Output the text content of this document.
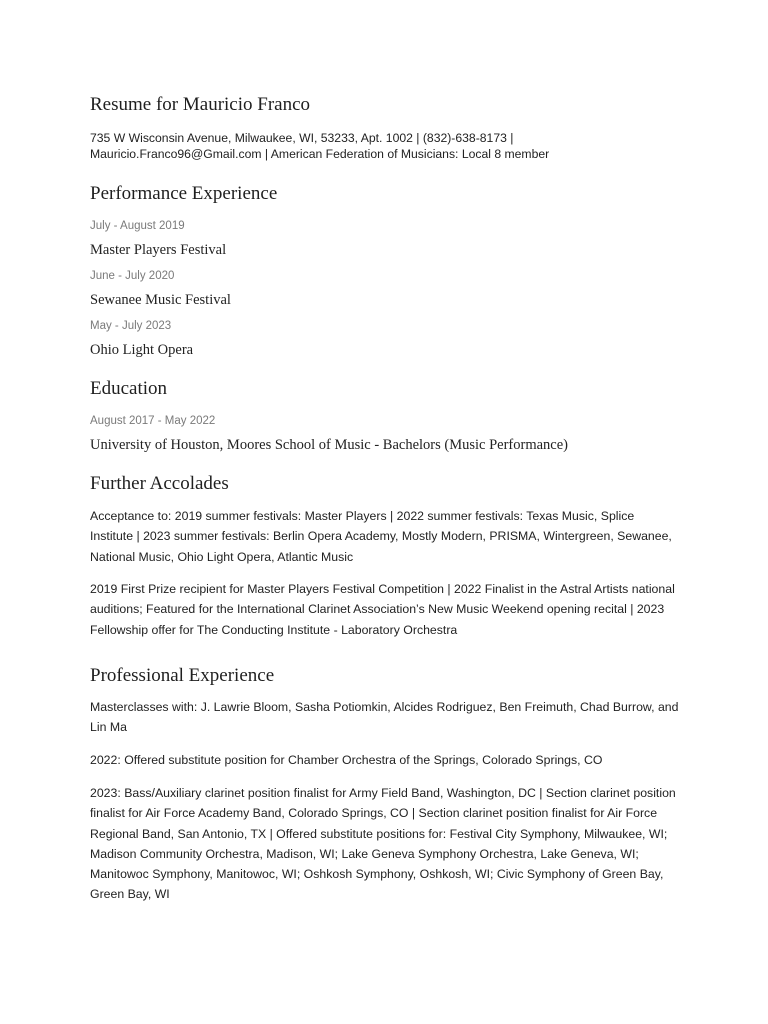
Resume for Mauricio Franco

735 W Wisconsin Avenue, Milwaukee, WI, 53233, Apt. 1002 | (832)-638-8173 |
Mauricio.Franco96@Gmail.com | American Federation of Musicians: Local 8 member

Performance Experience

July - August 2019

Master Players Festival

June - July 2020

Sewanee Music Festival

May - July 2023

Ohio Light Opera

Education

August 2017 - May 2022

University of Houston, Moores School of Music - Bachelors (Music Performance)

Further Accolades

Acceptance to: 2019 summer festivals: Master Players | 2022 summer festivals: Texas Music, Splice Institute | 2023 summer festivals: Berlin Opera Academy, Mostly Modern, PRISMA, Wintergreen, Sewanee, National Music, Ohio Light Opera, Atlantic Music

2019 First Prize recipient for Master Players Festival Competition | 2022 Finalist in the Astral Artists national auditions; Featured for the International Clarinet Association’s New Music Weekend opening recital | 2023 Fellowship offer for The Conducting Institute - Laboratory Orchestra

Professional Experience

Masterclasses with: J. Lawrie Bloom, Sasha Potiomkin, Alcides Rodriguez, Ben Freimuth, Chad Burrow, and Lin Ma

2022: Offered substitute position for Chamber Orchestra of the Springs, Colorado Springs, CO

2023: Bass/Auxiliary clarinet position finalist for Army Field Band, Washington, DC | Section clarinet position finalist for Air Force Academy Band, Colorado Springs, CO | Section clarinet position finalist for Air Force Regional Band, San Antonio, TX | Offered substitute positions for: Festival City Symphony, Milwaukee, WI; Madison Community Orchestra, Madison, WI; Lake Geneva Symphony Orchestra, Lake Geneva, WI; Manitowoc Symphony, Manitowoc, WI; Oshkosh Symphony, Oshkosh, WI; Civic Symphony of Green Bay, Green Bay, WI
